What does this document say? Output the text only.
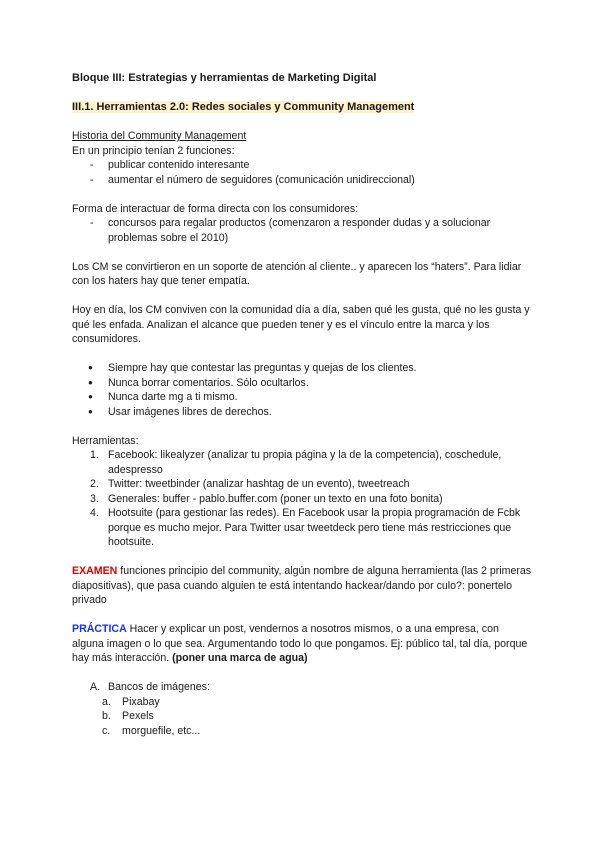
Bloque III: Estrategias y herramientas de Marketing Digital

III.1. Herramientas 2.0: Redes sociales y Community Management

Historia del Community Management

En un principio tenían 2 funciones:

- publicar contenido interesante
- aumentar el número de seguidores (comunicación unidireccional)

Forma de interactuar de forma directa con los consumidores:

- concursos para regalar productos (comenzaron a responder dudas y a solucionar problemas sobre el 2010)

Los CM se convirtieron en un soporte de atención al cliente.. y aparecen los “haters”. Para lidiar con los haters hay que tener empatía.

Hoy en día, los CM conviven con la comunidad día a día, saben qué les gusta, qué no les gusta y qué les enfada. Analizan el alcance que pueden tener y es el vínculo entre la marca y los consumidores.

● Siempre hay que contestar las preguntas y quejas de los clientes.
● Nunca borrar comentarios. Sólo ocultarlos.
● Nunca darte mg a ti mismo.
● Usar imágenes libres de derechos.

Herramientas:

1. Facebook: likealyzer (analizar tu propia página y la de la competencia), coschedule, adespresso
2. Twitter: tweetbinder (analizar hashtag de un evento), tweetreach
3. Generales: buffer - pablo.buffer.com (poner un texto en una foto bonita)
4. Hootsuite (para gestionar las redes). En Facebook usar la propia programación de Fcbk porque es mucho mejor. Para Twitter usar tweetdeck pero tiene más restricciones que hootsuite.

EXAMEN funciones principio del community, algún nombre de alguna herramienta (las 2 primeras diapositivas), que pasa cuando alguien te está intentando hackear/dando por culo?: ponertelo privado

PRÁCTICA Hacer y explicar un post, vendernos a nosotros mismos, o a una empresa, con alguna imagen o lo que sea. Argumentando todo lo que pongamos. Ej: público tal, tal día, porque hay más interacción. (poner una marca de agua)

A. Bancos de imágenes:
a. Pixabay
b. Pexels
c. morguefile, etc...
